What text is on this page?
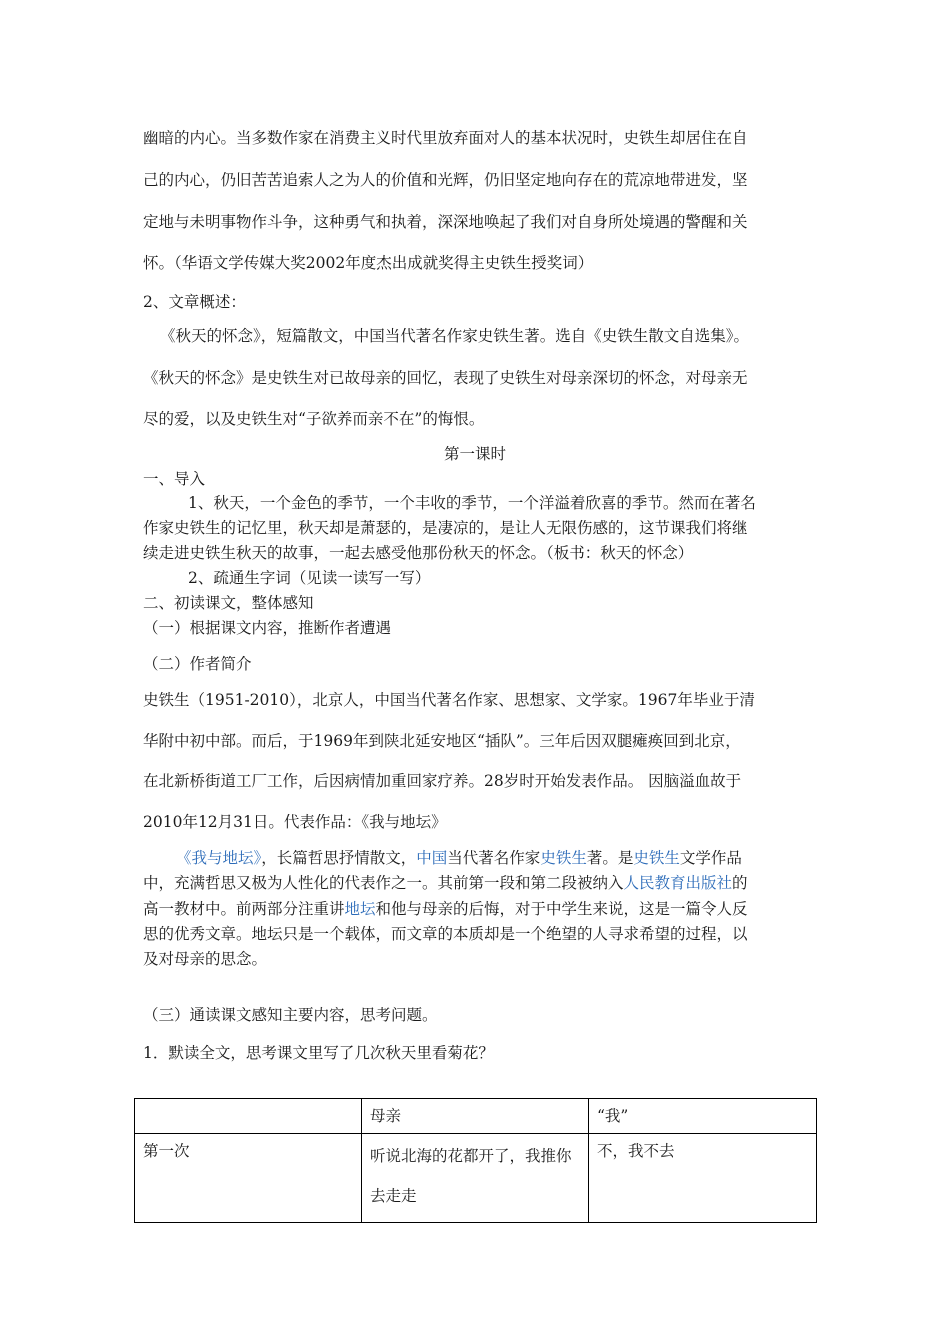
幽暗的内心。当多数作家在消费主义时代里放弃面对人的基本状况时，史铁生却居住在自
己的内心，仍旧苦苦追索人之为人的价值和光辉，仍旧坚定地向存在的荒凉地带进发，坚
定地与未明事物作斗争，这种勇气和执着，深深地唤起了我们对自身所处境遇的警醒和关
怀。（华语文学传媒大奖2002年度杰出成就奖得主史铁生授奖词）
2、文章概述：
《秋天的怀念》，短篇散文，中国当代著名作家史铁生著。选自《史铁生散文自选集》。
《秋天的怀念》是史铁生对已故母亲的回忆，表现了史铁生对母亲深切的怀念，对母亲无
尽的爱，以及史铁生对“子欲养而亲不在”的悔恨。
第一课时
一、导入
1、秋天，一个金色的季节，一个丰收的季节，一个洋溢着欣喜的季节。然而在著名
作家史铁生的记忆里，秋天却是萧瑟的，是凄凉的，是让人无限伤感的，这节课我们将继
续走进史铁生秋天的故事，一起去感受他那份秋天的怀念。（板书：秋天的怀念）
2、疏通生字词（见读一读写一写）
二、初读课文，整体感知
（一）根据课文内容，推断作者遭遇
（二）作者简介
史铁生（1951-2010），北京人，中国当代著名作家、思想家、文学家。1967年毕业于清
华附中初中部。而后，于1969年到陕北延安地区“插队”。三年后因双腿瘫痪回到北京，
在北新桥街道工厂工作，后因病情加重回家疗养。28岁时开始发表作品。 因脑溢血故于
2010年12月31日。代表作品：《我与地坛》
《我与地坛》，长篇哲思抒情散文，中国当代著名作家史铁生著。是史铁生文学作品
中，充满哲思又极为人性化的代表作之一。其前第一段和第二段被纳入人民教育出版社的
高一教材中。前两部分注重讲地坛和他与母亲的后悔，对于中学生来说，这是一篇令人反
思的优秀文章。地坛只是一个载体，而文章的本质却是一个绝望的人寻求希望的过程，以
及对母亲的思念。
（三）通读课文感知主要内容，思考问题。
1．默读全文，思考课文里写了几次秋天里看菊花？
	母亲	“我”
第一次	听说北海的花都开了，我推你去走走	不，我不去
